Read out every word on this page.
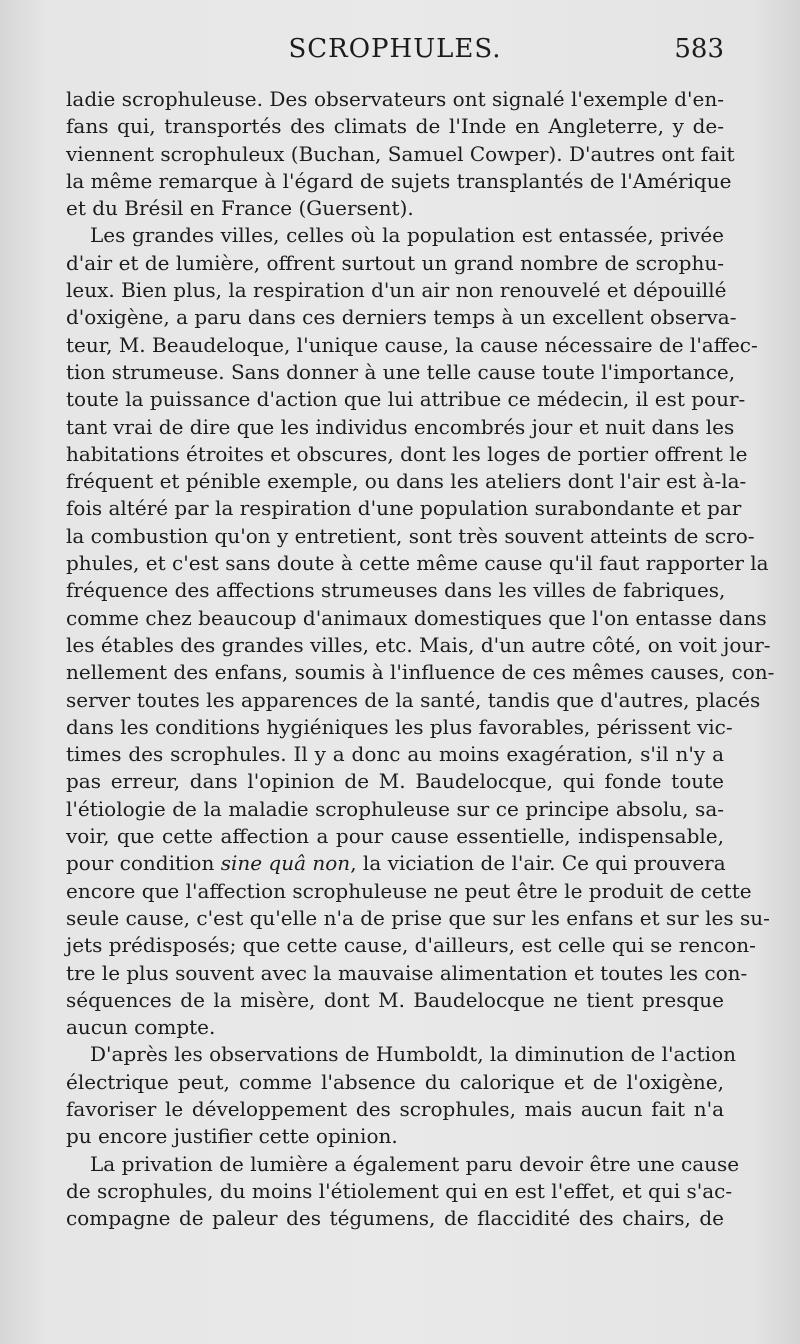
SCROPHULES.	583

ladie scrophuleuse. Des observateurs ont signalé l'exemple d'en-
fans qui, transportés des climats de l'Inde en Angleterre, y de-
viennent scrophuleux (Buchan, Samuel Cowper). D'autres ont fait
la même remarque à l'égard de sujets transplantés de l'Amérique
et du Brésil en France (Guersent).

Les grandes villes, celles où la population est entassée, privée
d'air et de lumière, offrent surtout un grand nombre de scrophu-
leux. Bien plus, la respiration d'un air non renouvelé et dépouillé
d'oxigène, a paru dans ces derniers temps à un excellent observa-
teur, M. Beaudeloque, l'unique cause, la cause nécessaire de l'affec-
tion strumeuse. Sans donner à une telle cause toute l'importance,
toute la puissance d'action que lui attribue ce médecin, il est pour-
tant vrai de dire que les individus encombrés jour et nuit dans les
habitations étroites et obscures, dont les loges de portier offrent le
fréquent et pénible exemple, ou dans les ateliers dont l'air est à-la-
fois altéré par la respiration d'une population surabondante et par
la combustion qu'on y entretient, sont très souvent atteints de scro-
phules, et c'est sans doute à cette même cause qu'il faut rapporter la
fréquence des affections strumeuses dans les villes de fabriques,
comme chez beaucoup d'animaux domestiques que l'on entasse dans
les étables des grandes villes, etc. Mais, d'un autre côté, on voit jour-
nellement des enfans, soumis à l'influence de ces mêmes causes, con-
server toutes les apparences de la santé, tandis que d'autres, placés
dans les conditions hygiéniques les plus favorables, périssent vic-
times des scrophules. Il y a donc au moins exagération, s'il n'y a
pas erreur, dans l'opinion de M. Baudelocque, qui fonde toute
l'étiologie de la maladie scrophuleuse sur ce principe absolu, sa-
voir, que cette affection a pour cause essentielle, indispensable,
pour condition sine quâ non, la viciation de l'air. Ce qui prouvera
encore que l'affection scrophuleuse ne peut être le produit de cette
seule cause, c'est qu'elle n'a de prise que sur les enfans et sur les su-
jets prédisposés; que cette cause, d'ailleurs, est celle qui se rencon-
tre le plus souvent avec la mauvaise alimentation et toutes les con-
séquences de la misère, dont M. Baudelocque ne tient presque
aucun compte.

D'après les observations de Humboldt, la diminution de l'action
électrique peut, comme l'absence du calorique et de l'oxigène,
favoriser le développement des scrophules, mais aucun fait n'a
pu encore justifier cette opinion.

La privation de lumière a également paru devoir être une cause
de scrophules, du moins l'étiolement qui en est l'effet, et qui s'ac-
compagne de paleur des tégumens, de flaccidité des chairs, de
